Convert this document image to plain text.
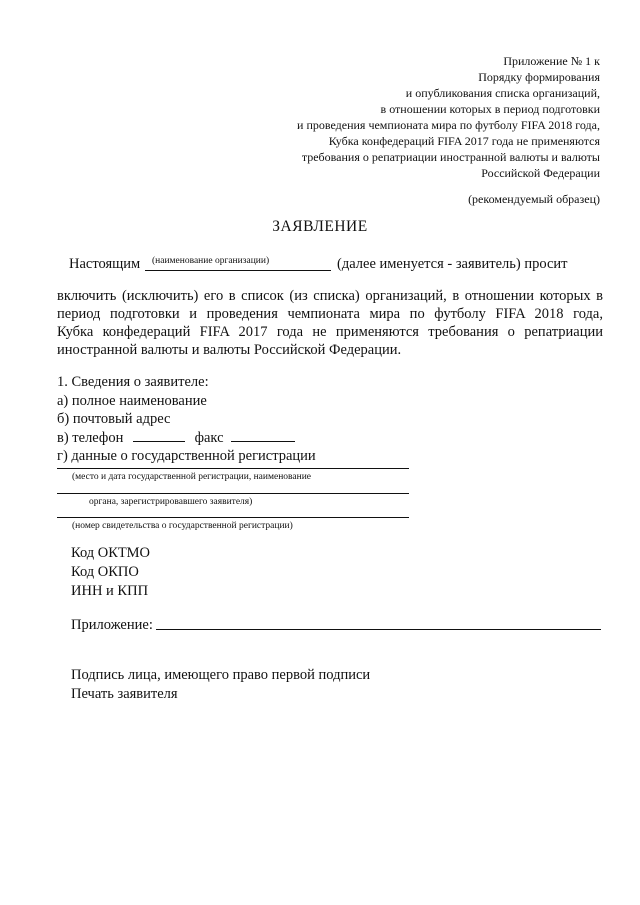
Приложение № 1 к
Порядку формирования
и опубликования списка организаций,
в отношении которых в период подготовки
и проведения чемпионата мира по футболу FIFA 2018 года,
Кубка конфедераций FIFA 2017 года не применяются
требования о репатриации иностранной валюты и валюты
Российской Федерации
(рекомендуемый образец)
ЗАЯВЛЕНИЕ
Настоящим	(далее именуется - заявитель) просит
(наименование организации)
включить (исключить) его в список (из списка) организаций, в отношении которых в
период подготовки и проведения чемпионата мира по футболу FIFA 2018 года,
Кубка конфедераций FIFA 2017 года не применяются требования о репатриации
иностранной валюты и валюты Российской Федерации.
1. Сведения о заявителе:
а) полное наименование
б) почтовый адрес
в) телефон	факс
г) данные о государственной регистрации
(место и дата государственной регистрации, наименование
органа, зарегистрировавшего заявителя)
(номер свидетельства о государственной регистрации)
Код ОКТМО
Код ОКПО
ИНН и КПП
Приложение:
Подпись лица, имеющего право первой подписи
Печать заявителя
